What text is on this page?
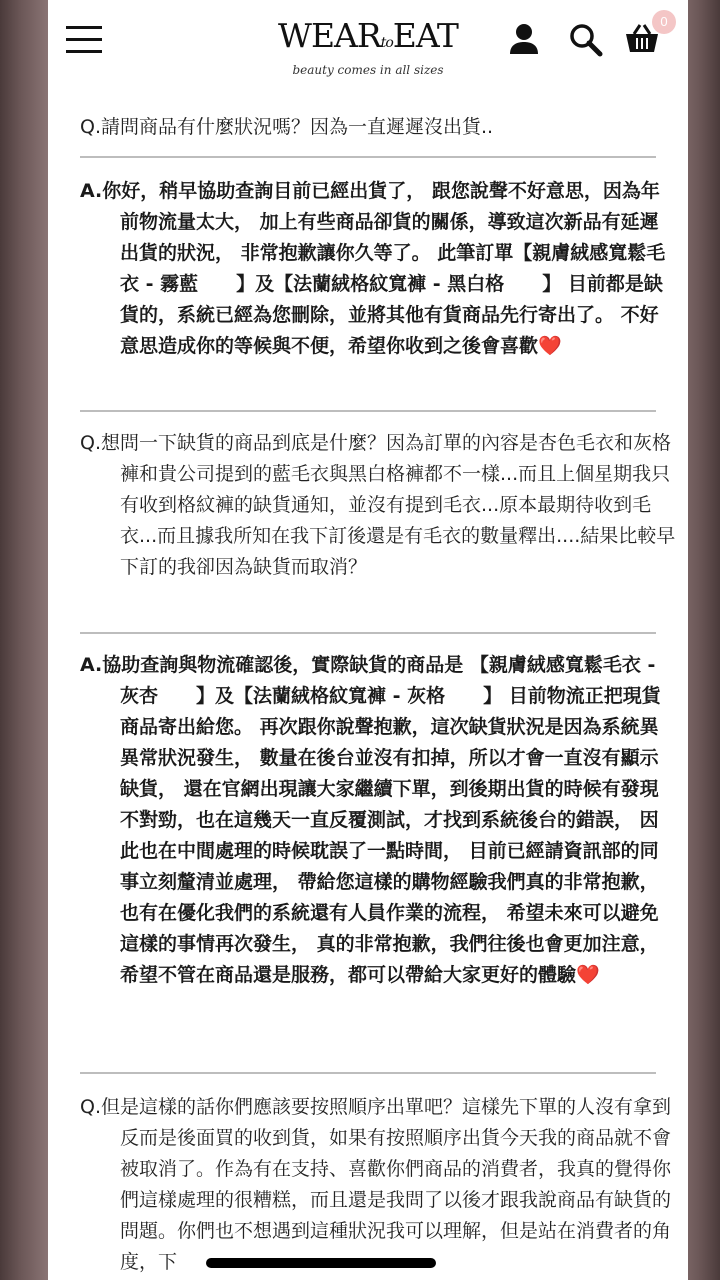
WEARtoEAT
beauty comes in all sizes
0

Q.請問商品有什麼狀況嗎？因為一直遲遲沒出貨..

A.你好，稍早協助查詢目前已經出貨了， 跟您說聲不好意思，因為年前物流量太大， 加上有些商品卻貨的關係，導致這次新品有延遲出貨的狀況， 非常抱歉讓你久等了。 此筆訂單【親膚絨感寬鬆毛衣 - 霧藍　　】及【法蘭絨格紋寬褲 - 黑白格　　】 目前都是缺貨的，系統已經為您刪除，並將其他有貨商品先行寄出了。 不好意思造成你的等候與不便，希望你收到之後會喜歡❤️

Q.想問一下缺貨的商品到底是什麼？因為訂單的內容是杏色毛衣和灰格褲和貴公司提到的藍毛衣與黑白格褲都不一樣...而且上個星期我只有收到格紋褲的缺貨通知，並沒有提到毛衣...原本最期待收到毛衣...而且據我所知在我下訂後還是有毛衣的數量釋出....結果比較早下訂的我卻因為缺貨而取消？

A.協助查詢與物流確認後，實際缺貨的商品是 【親膚絨感寬鬆毛衣 - 灰杏　　】及【法蘭絨格紋寬褲 - 灰格　　】 目前物流正把現貨商品寄出給您。 再次跟你說聲抱歉，這次缺貨狀況是因為系統異異常狀況發生， 數量在後台並沒有扣掉，所以才會一直沒有顯示缺貨， 還在官網出現讓大家繼續下單，到後期出貨的時候有發現不對勁，也在這幾天一直反覆測試，才找到系統後台的錯誤， 因此也在中間處理的時候耽誤了一點時間， 目前已經請資訊部的同事立刻釐清並處理， 帶給您這樣的購物經驗我們真的非常抱歉， 也有在優化我們的系統還有人員作業的流程， 希望未來可以避免這樣的事情再次發生， 真的非常抱歉，我們往後也會更加注意， 希望不管在商品還是服務，都可以帶給大家更好的體驗❤️

Q.但是這樣的話你們應該要按照順序出單吧？這樣先下單的人沒有拿到反而是後面買的收到貨，如果有按照順序出貨今天我的商品就不會被取消了。作為有在支持、喜歡你們商品的消費者，我真的覺得你們這樣處理的很糟糕，而且還是我問了以後才跟我說商品有缺貨的問題。你們也不想遇到這種狀況我可以理解，但是站在消費者的角度，下
